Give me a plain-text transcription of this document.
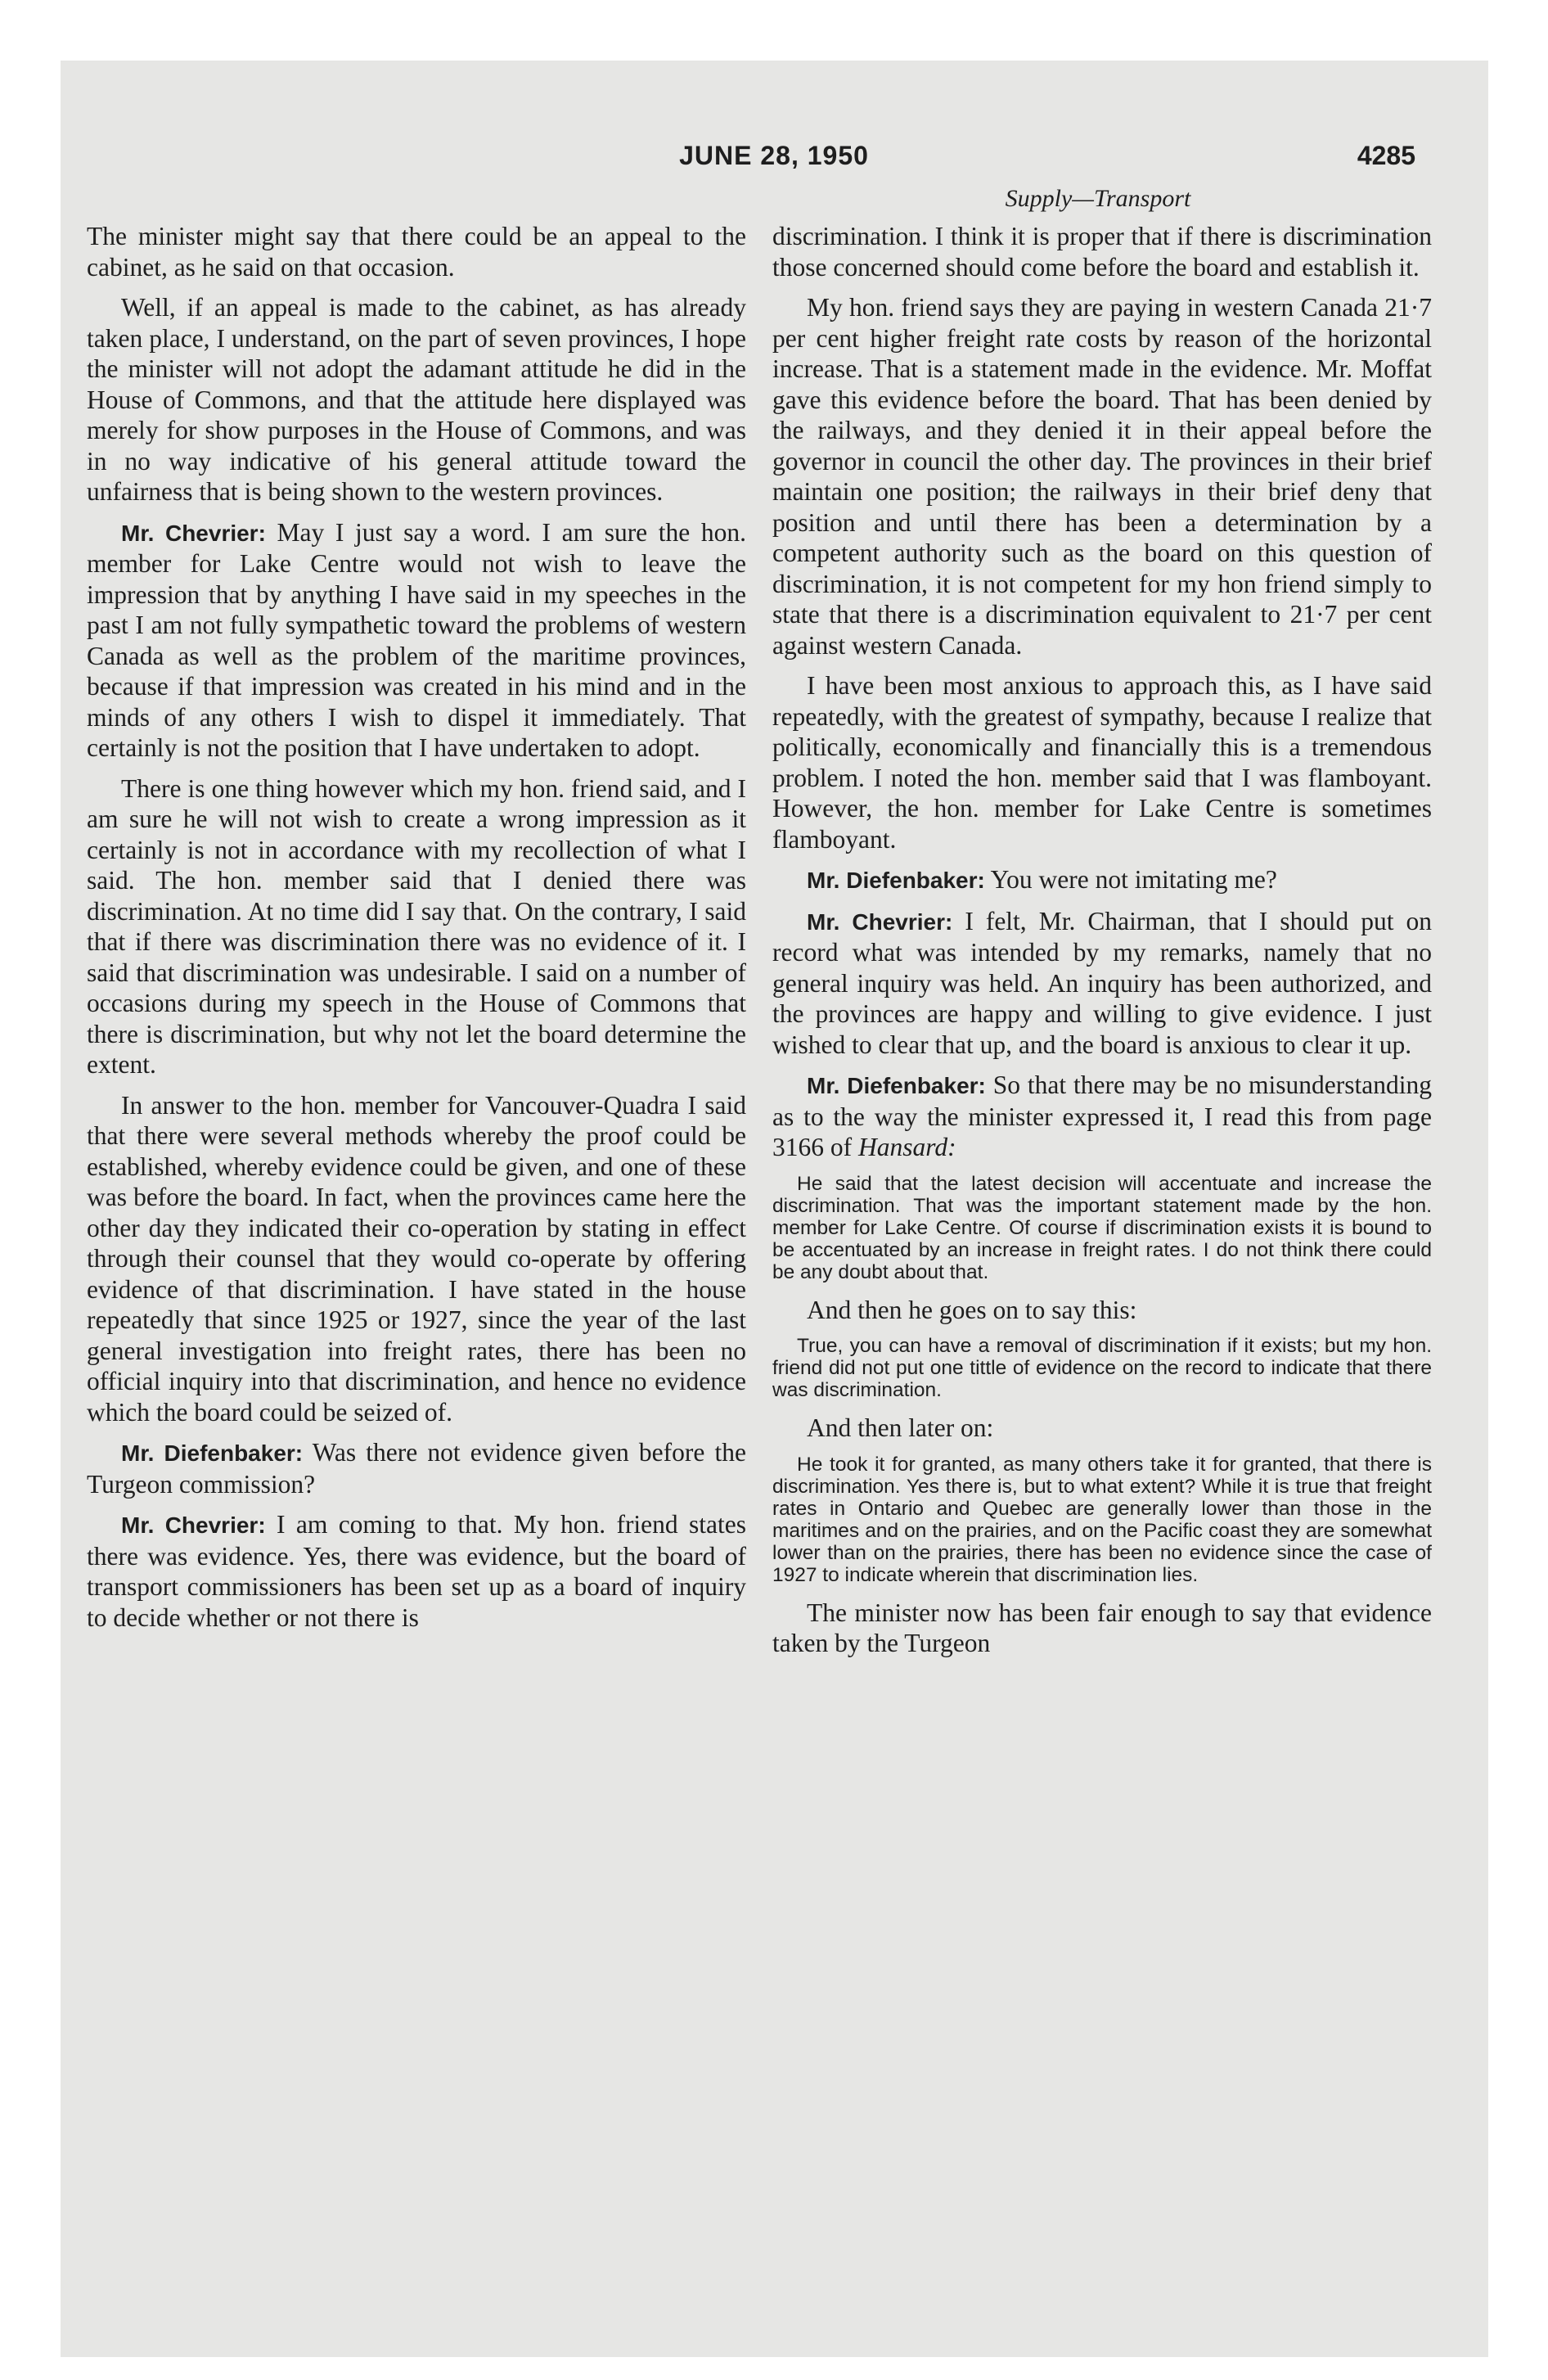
JUNE 28, 1950	4285
Supply—Transport

The minister might say that there could be an appeal to the cabinet, as he said on that occasion.

Well, if an appeal is made to the cabinet, as has already taken place, I understand, on the part of seven provinces, I hope the minister will not adopt the adamant attitude he did in the House of Commons, and that the attitude here displayed was merely for show purposes in the House of Commons, and was in no way indicative of his general attitude toward the unfairness that is being shown to the western provinces.

Mr. Chevrier: May I just say a word. I am sure the hon. member for Lake Centre would not wish to leave the impression that by anything I have said in my speeches in the past I am not fully sympathetic toward the problems of western Canada as well as the problem of the maritime provinces, because if that impression was created in his mind and in the minds of any others I wish to dispel it immediately. That certainly is not the position that I have undertaken to adopt.

There is one thing however which my hon. friend said, and I am sure he will not wish to create a wrong impression as it certainly is not in accordance with my recollection of what I said. The hon. member said that I denied there was discrimination. At no time did I say that. On the contrary, I said that if there was discrimination there was no evidence of it. I said that discrimination was undesirable. I said on a number of occasions during my speech in the House of Commons that there is discrimination, but why not let the board determine the extent.

In answer to the hon. member for Vancouver-Quadra I said that there were several methods whereby the proof could be established, whereby evidence could be given, and one of these was before the board. In fact, when the provinces came here the other day they indicated their co-operation by stating in effect through their counsel that they would co-operate by offering evidence of that discrimination. I have stated in the house repeatedly that since 1925 or 1927, since the year of the last general investigation into freight rates, there has been no official inquiry into that discrimination, and hence no evidence which the board could be seized of.

Mr. Diefenbaker: Was there not evidence given before the Turgeon commission?

Mr. Chevrier: I am coming to that. My hon. friend states there was evidence. Yes, there was evidence, but the board of transport commissioners has been set up as a board of inquiry to decide whether or not there is

discrimination. I think it is proper that if there is discrimination those concerned should come before the board and establish it.

My hon. friend says they are paying in western Canada 21·7 per cent higher freight rate costs by reason of the horizontal increase. That is a statement made in the evidence. Mr. Moffat gave this evidence before the board. That has been denied by the railways, and they denied it in their appeal before the governor in council the other day. The provinces in their brief maintain one position; the railways in their brief deny that position and until there has been a determination by a competent authority such as the board on this question of discrimination, it is not competent for my hon friend simply to state that there is a discrimination equivalent to 21·7 per cent against western Canada.

I have been most anxious to approach this, as I have said repeatedly, with the greatest of sympathy, because I realize that politically, economically and financially this is a tremendous problem. I noted the hon. member said that I was flamboyant. However, the hon. member for Lake Centre is sometimes flamboyant.

Mr. Diefenbaker: You were not imitating me?

Mr. Chevrier: I felt, Mr. Chairman, that I should put on record what was intended by my remarks, namely that no general inquiry was held. An inquiry has been authorized, and the provinces are happy and willing to give evidence. I just wished to clear that up, and the board is anxious to clear it up.

Mr. Diefenbaker: So that there may be no misunderstanding as to the way the minister expressed it, I read this from page 3166 of Hansard:

He said that the latest decision will accentuate and increase the discrimination. That was the important statement made by the hon. member for Lake Centre. Of course if discrimination exists it is bound to be accentuated by an increase in freight rates. I do not think there could be any doubt about that.

And then he goes on to say this:

True, you can have a removal of discrimination if it exists; but my hon. friend did not put one tittle of evidence on the record to indicate that there was discrimination.

And then later on:

He took it for granted, as many others take it for granted, that there is discrimination. Yes there is, but to what extent? While it is true that freight rates in Ontario and Quebec are generally lower than those in the maritimes and on the prairies, and on the Pacific coast they are somewhat lower than on the prairies, there has been no evidence since the case of 1927 to indicate wherein that discrimination lies.

The minister now has been fair enough to say that evidence taken by the Turgeon
